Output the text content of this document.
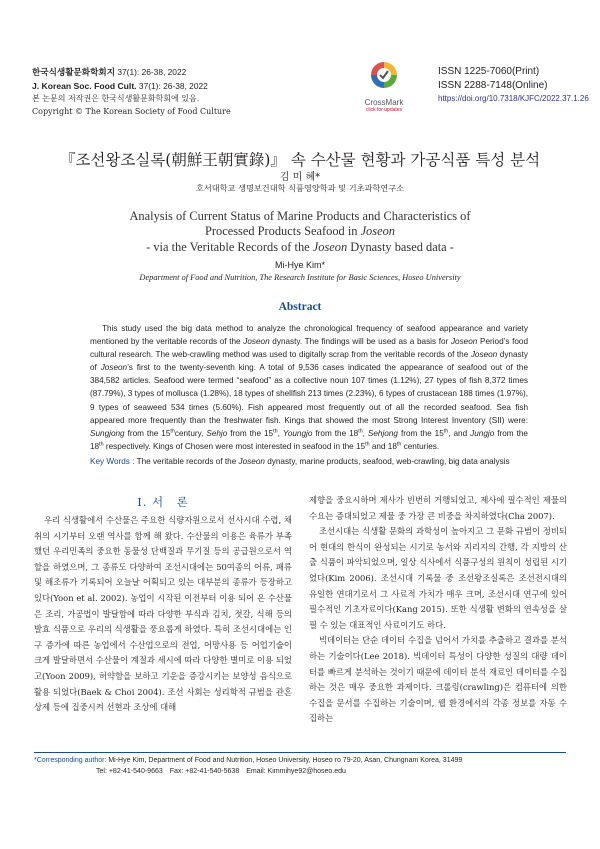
한국식생활문화학회지 37(1): 26-38, 2022
J. Korean Soc. Food Cult. 37(1): 26-38, 2022
본 논문의 저작권은 한국식생활문화학회에 있음.
Copyright © The Korean Society of Food Culture
CrossMark
click for updates
ISSN 1225-7060(Print)
ISSN 2288-7148(Online)
https://doi.org/10.7318/KJFC/2022.37.1.26
『조선왕조실록(朝鮮王朝實錄)』 속 수산물 현황과 가공식품 특성 분석
김 미 혜*
호서대학교 생명보건대학 식품영양학과 및 기초과학연구소
Analysis of Current Status of Marine Products and Characteristics of
Processed Products Seafood in Joseon
- via the Veritable Records of the Joseon Dynasty based data -
Mi-Hye Kim*
Department of Food and Nutrition, The Research Institute for Basic Sciences, Hoseo University
Abstract
This study used the big data method to analyze the chronological frequency of seafood appearance and variety mentioned by the veritable records of the Joseon dynasty. The findings will be used as a basis for Joseon Period’s food cultural research. The web-crawling method was used to digitally scrap from the veritable records of the Joseon dynasty of Joseon’s first to the twenty-seventh king. A total of 9,536 cases indicated the appearance of seafood out of the 384,582 articles. Seafood were termed “seafood” as a collective noun 107 times (1.12%), 27 types of fish 8,372 times (87.79%), 3 types of mollusca (1.28%), 18 types of shellfish 213 times (2.23%), 6 types of crustacean 188 times (1.97%), 9 types of seaweed 534 times (5.60%). Fish appeared most frequently out of all the recorded seafood. Sea fish appeared more frequently than the freshwater fish. Kings that showed the most Strong Interest Inventory (SII) were: Sungjong from the 15thcentury, Sehjo from the 15th, Youngjo from the 18th, Sehjong from the 15th, and Jungjo from the 18th respectively. Kings of Chosen were most interested in seafood in the 15th and 18th centuries.
Key Words : The veritable records of the Joseon dynasty, marine products, seafood, web-crawling, big data analysis
I. 서　론

우리 식생활에서 수산물은 주요한 식량자원으로서 선사시대 수렵, 채취의 시기부터 오랜 역사를 함께 해 왔다. 수산물의 이용은 육류가 부족했던 우리민족의 중요한 동물성 단백질과 무기질 등의 공급원으로서 역할을 하였으며, 그 종류도 다양하여 조선시대에는 50여종의 어류, 패류 및 해조류가 기록되어 오늘날 어획되고 있는 대부분의 종류가 등장하고 있다(Yoon et al. 2002). 농업이 시작된 이전부터 이용 되어 온 수산물은 조리, 가공법이 발달함에 따라 다양한 부식과 김치, 젓갈, 식해 등의 발효 식품으로 우리의 식생활을 풍요롭게 하였다. 특히 조선시대에는 인구 증가에 따른 농업에서 수산업으로의 전업, 어망사용 등 어업기술이 크게 발달하면서 수산물이 계절과 세시에 따라 다양한 별미로 이용 되었고(Yoon 2009), 허약함을 보하고 기운을 증강시키는 보양성 음식으로 활용 되었다(Baek & Choi 2004). 조선 사회는 성리학적 규범을 관혼상제 등에 집중시켜 선현과 조상에 대해

제향을 중요시하며 제사가 빈번히 거행되었고, 제사에 필수적인 제물의 수요는 증대되었고 제물 중 가장 큰 비중을 차지하였다(Cha 2007).

조선시대는 식생활 문화의 과학성이 높아지고 그 문화 규범이 정비되어 현대의 한식이 완성되는 시기로 농서와 지리지의 간행, 각 지방의 산출 식품이 파악되었으며, 일상 식사에서 식품구성의 원칙이 성립된 시기였다(Kim 2006). 조선시대 기록물 중 조선왕조실록은 조선전시대의 유일한 연대기로서 그 사료적 가치가 매우 크며, 조선시대 연구에 있어 필수적인 기초자료이다(Kang 2015). 또한 식생활 변화의 연속성을 살필 수 있는 대표적인 사료이기도 하다.

빅데이터는 단순 데이터 수집을 넘어서 가치를 추출하고 결과를 분석하는 기술이다(Lee 2018). 빅데이터 특성이 다양한 성질의 대량 데이터를 빠르게 분석하는 것이기 때문에 데이터 분석 재료인 데이터를 수집하는 것은 매우 중요한 과제이다. 크롤링(crawling)은 컴퓨터에 의한 수집을 문서를 수집하는 기술이며, 웹 환경에서의 각종 정보를 자동 수집하는

*Corresponding author: Mi-Hye Kim, Department of Food and Nutrition, Hoseo University, Hoseo ro 79-20, Asan, Chungnam Korea, 31499
Tel: +82-41-540-9663　Fax: +82-41-540-5638　Email: Kimmihye92@hoseo.edu
